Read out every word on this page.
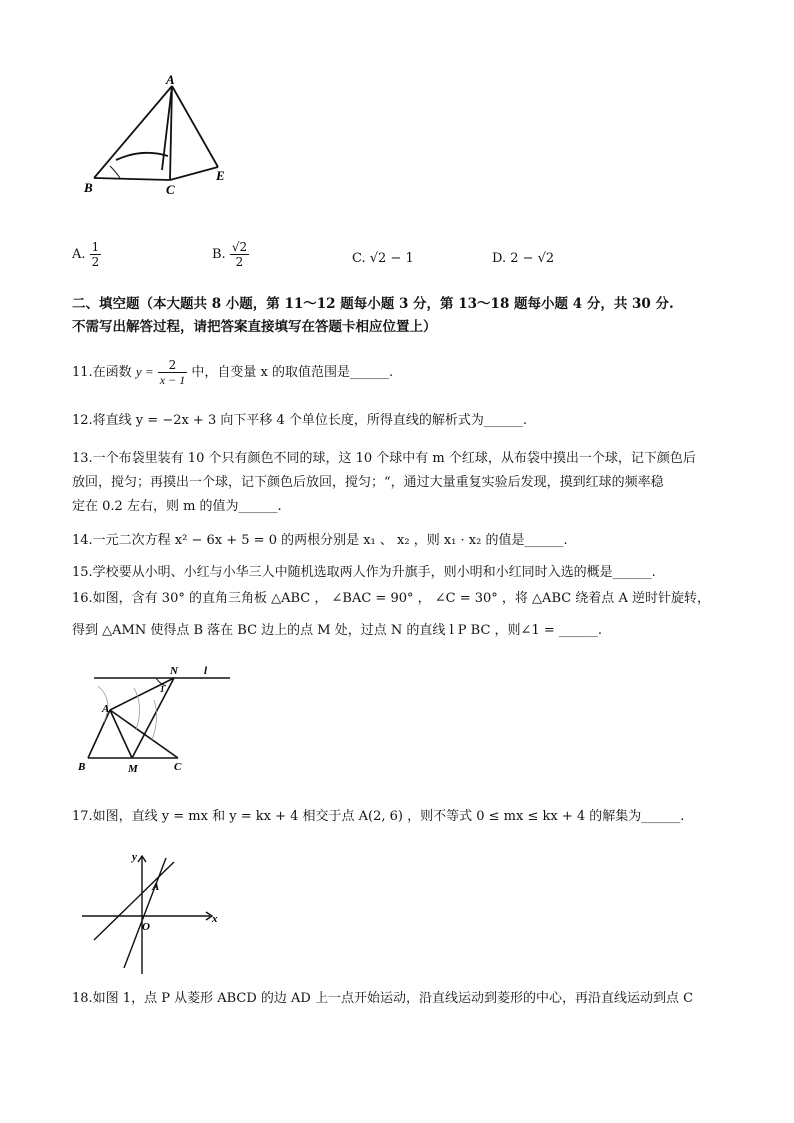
A
B	C
E
A. $\frac{1}{2}$	B. $\frac{√2}{2}$	C. √2 − 1	D. 2 − √2
二、填空题（本大题共 8 小题，第 11～12 题每小题 3 分，第 13～18 题每小题 4 分，共 30 分.
不需写出解答过程，请把答案直接填写在答题卡相应位置上）
11.在函数 $y = \frac{2}{x - 1}$ 中，自变量 x 的取值范围是______.
12.将直线 y = −2x + 3 向下平移 4 个单位长度，所得直线的解析式为______.
13.一个布袋里装有 10 个只有颜色不同的球，这 10 个球中有 m 个红球，从布袋中摸出一个球，记下颜色后
放回，搅匀；再摸出一个球，记下颜色后放回，搅匀；“，通过大量重复实验后发现，摸到红球的频率稳
定在 0.2 左右，则 m 的值为______.
14.一元二次方程 x² − 6x + 5 = 0 的两根分别是 x₁ 、 x₂ ，则 x₁ · x₂ 的值是______.
15.学校要从小明、小红与小华三人中随机选取两人作为升旗手，则小明和小红同时入选的概是______.
16.如图，含有 30° 的直角三角板 △ABC ， ∠BAC = 90° ， ∠C = 30° ，将 △ABC 绕着点 A 逆时针旋转，
得到 △AMN 使得点 B 落在 BC 边上的点 M 处，过点 N 的直线 l P BC ，则∠1 = ______.
N l
A
1
B	M	C
17.如图，直线 y = mx 和 y = kx + 4 相交于点 A(2, 6) ，则不等式 0 ≤ mx ≤ kx + 4 的解集为______.
y
x
O
A
18.如图 1，点 P 从菱形 ABCD 的边 AD 上一点开始运动，沿直线运动到菱形的中心，再沿直线运动到点 C
